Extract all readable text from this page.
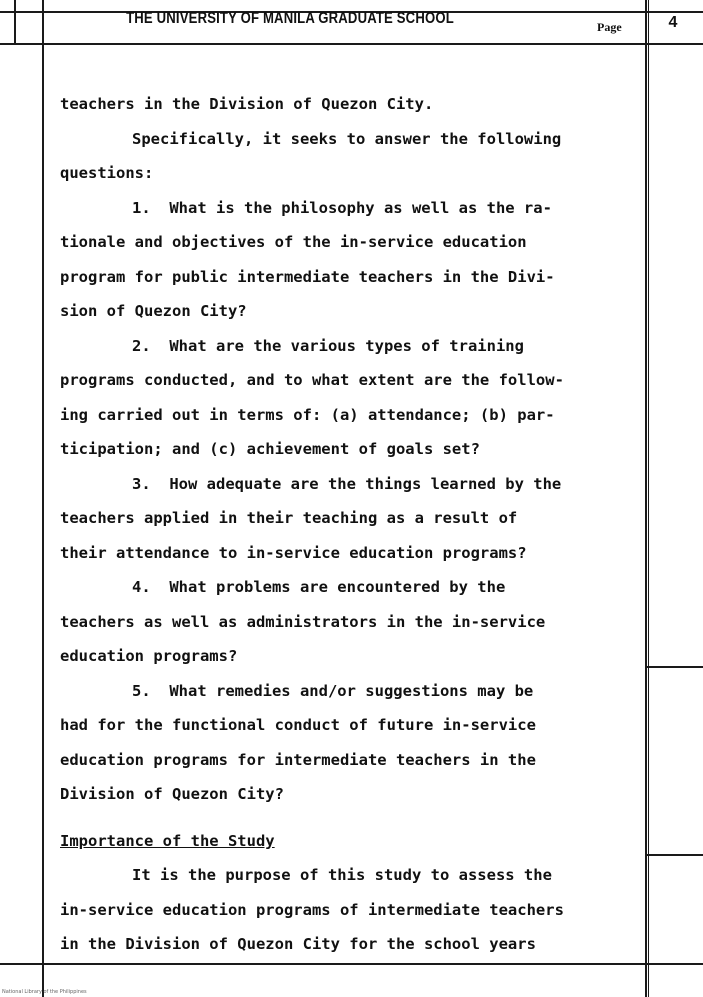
THE UNIVERSITY OF MANILA GRADUATE SCHOOL	Page	4

teachers in the Division of Quezon City.

Specifically, it seeks to answer the following
questions:

1.  What is the philosophy as well as the ra-
tionale and objectives of the in-service education
program for public intermediate teachers in the Divi-
sion of Quezon City?

2.  What are the various types of training
programs conducted, and to what extent are the follow-
ing carried out in terms of: (a) attendance; (b) par-
ticipation; and (c) achievement of goals set?

3.  How adequate are the things learned by the
teachers applied in their teaching as a result of
their attendance to in-service education programs?

4.  What problems are encountered by the
teachers as well as administrators in the in-service
education programs?

5.  What remedies and/or suggestions may be
had for the functional conduct of future in-service
education programs for intermediate teachers in the
Division of Quezon City?

Importance of the Study

It is the purpose of this study to assess the
in-service education programs of intermediate teachers
in the Division of Quezon City for the school years

National Library of the Philippines
